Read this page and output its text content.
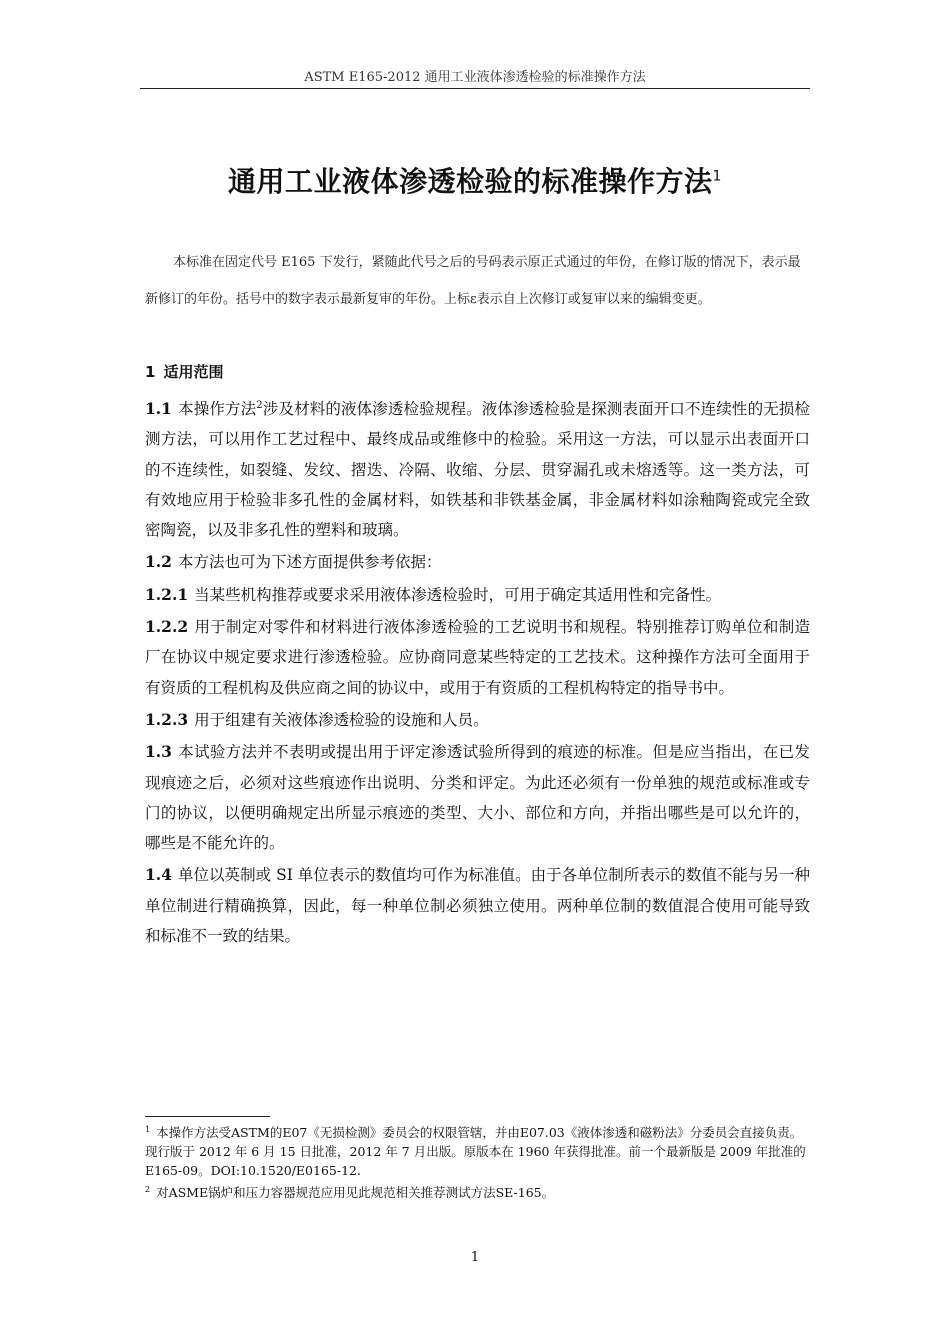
ASTM E165-2012 通用工业液体渗透检验的标准操作方法
通用工业液体渗透检验的标准操作方法$^1$

本标准在固定代号 E165 下发行，紧随此代号之后的号码表示原正式通过的年份，在修订版的情况下，表示最新修订的年份。括号中的数字表示最新复审的年份。上标ε表示自上次修订或复审以来的编辑变更。

1 适用范围

1.1 本操作方法$^2$涉及材料的液体渗透检验规程。液体渗透检验是探测表面开口不连续性的无损检测方法，可以用作工艺过程中、最终成品或维修中的检验。采用这一方法，可以显示出表面开口的不连续性，如裂缝、发纹、摺迭、冷隔、收缩、分层、贯穿漏孔或未熔透等。这一类方法，可有效地应用于检验非多孔性的金属材料，如铁基和非铁基金属，非金属材料如涂釉陶瓷或完全致密陶瓷，以及非多孔性的塑料和玻璃。

1.2 本方法也可为下述方面提供参考依据：

1.2.1 当某些机构推荐或要求采用液体渗透检验时，可用于确定其适用性和完备性。

1.2.2 用于制定对零件和材料进行液体渗透检验的工艺说明书和规程。特别推荐订购单位和制造厂在协议中规定要求进行渗透检验。应协商同意某些特定的工艺技术。这种操作方法可全面用于有资质的工程机构及供应商之间的协议中，或用于有资质的工程机构特定的指导书中。

1.2.3 用于组建有关液体渗透检验的设施和人员。

1.3 本试验方法并不表明或提出用于评定渗透试验所得到的痕迹的标准。但是应当指出，在已发现痕迹之后，必须对这些痕迹作出说明、分类和评定。为此还必须有一份单独的规范或标准或专门的协议，以便明确规定出所显示痕迹的类型、大小、部位和方向，并指出哪些是可以允许的，哪些是不能允许的。

1.4 单位以英制或 SI 单位表示的数值均可作为标准值。由于各单位制所表示的数值不能与另一种单位制进行精确换算，因此，每一种单位制必须独立使用。两种单位制的数值混合使用可能导致和标准不一致的结果。

$^1$ 本操作方法受ASTM的E07《无损检测》委员会的权限管辖，并由E07.03《液体渗透和磁粉法》分委员会直接负责。

现行版于 2012 年 6 月 15 日批准，2012 年 7 月出版。原版本在 1960 年获得批准。前一个最新版是 2009 年批准的 E165-09。DOI:10.1520/E0165-12.

$^2$ 对ASME锅炉和压力容器规范应用见此规范相关推荐测试方法SE-165。

1
